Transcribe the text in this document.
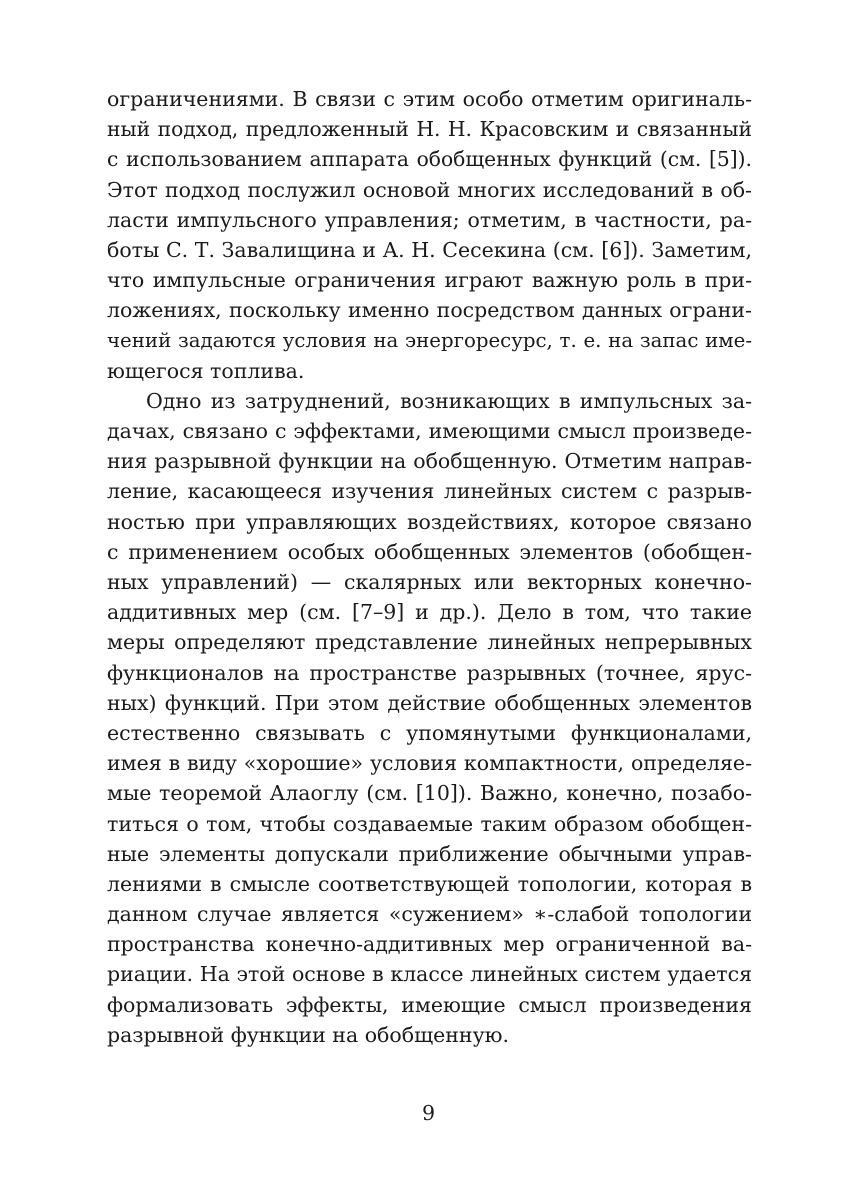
ограничениями. В связи с этим особо отметим оригиналь-
ный подход, предложенный Н. Н. Красовским и связанный
с использованием аппарата обобщенных функций (см. [5]).
Этот подход послужил основой многих исследований в об-
ласти импульсного управления; отметим, в частности, ра-
боты С. Т. Завалищина и А. Н. Сесекина (см. [6]). Заметим,
что импульсные ограничения играют важную роль в при-
ложениях, поскольку именно посредством данных ограни-
чений задаются условия на энергоресурс, т. е. на запас име-
ющегося топлива.
Одно из затруднений, возникающих в импульсных за-
дачах, связано с эффектами, имеющими смысл произведе-
ния разрывной функции на обобщенную. Отметим направ-
ление, касающееся изучения линейных систем с разрыв-
ностью при управляющих воздействиях, которое связано
с применением особых обобщенных элементов (обобщен-
ных управлений) — скалярных или векторных конечно-
аддитивных мер (см. [7–9] и др.). Дело в том, что такие
меры определяют представление линейных непрерывных
функционалов на пространстве разрывных (точнее, ярус-
ных) функций. При этом действие обобщенных элементов
естественно связывать с упомянутыми функционалами,
имея в виду «хорошие» условия компактности, определяе-
мые теоремой Алаоглу (см. [10]). Важно, конечно, позабо-
титься о том, чтобы создаваемые таким образом обобщен-
ные элементы допускали приближение обычными управ-
лениями в смысле соответствующей топологии, которая в
данном случае является «сужением» ∗-слабой топологии
пространства конечно-аддитивных мер ограниченной ва-
риации. На этой основе в классе линейных систем удается
формализовать эффекты, имеющие смысл произведения
разрывной функции на обобщенную.
9
